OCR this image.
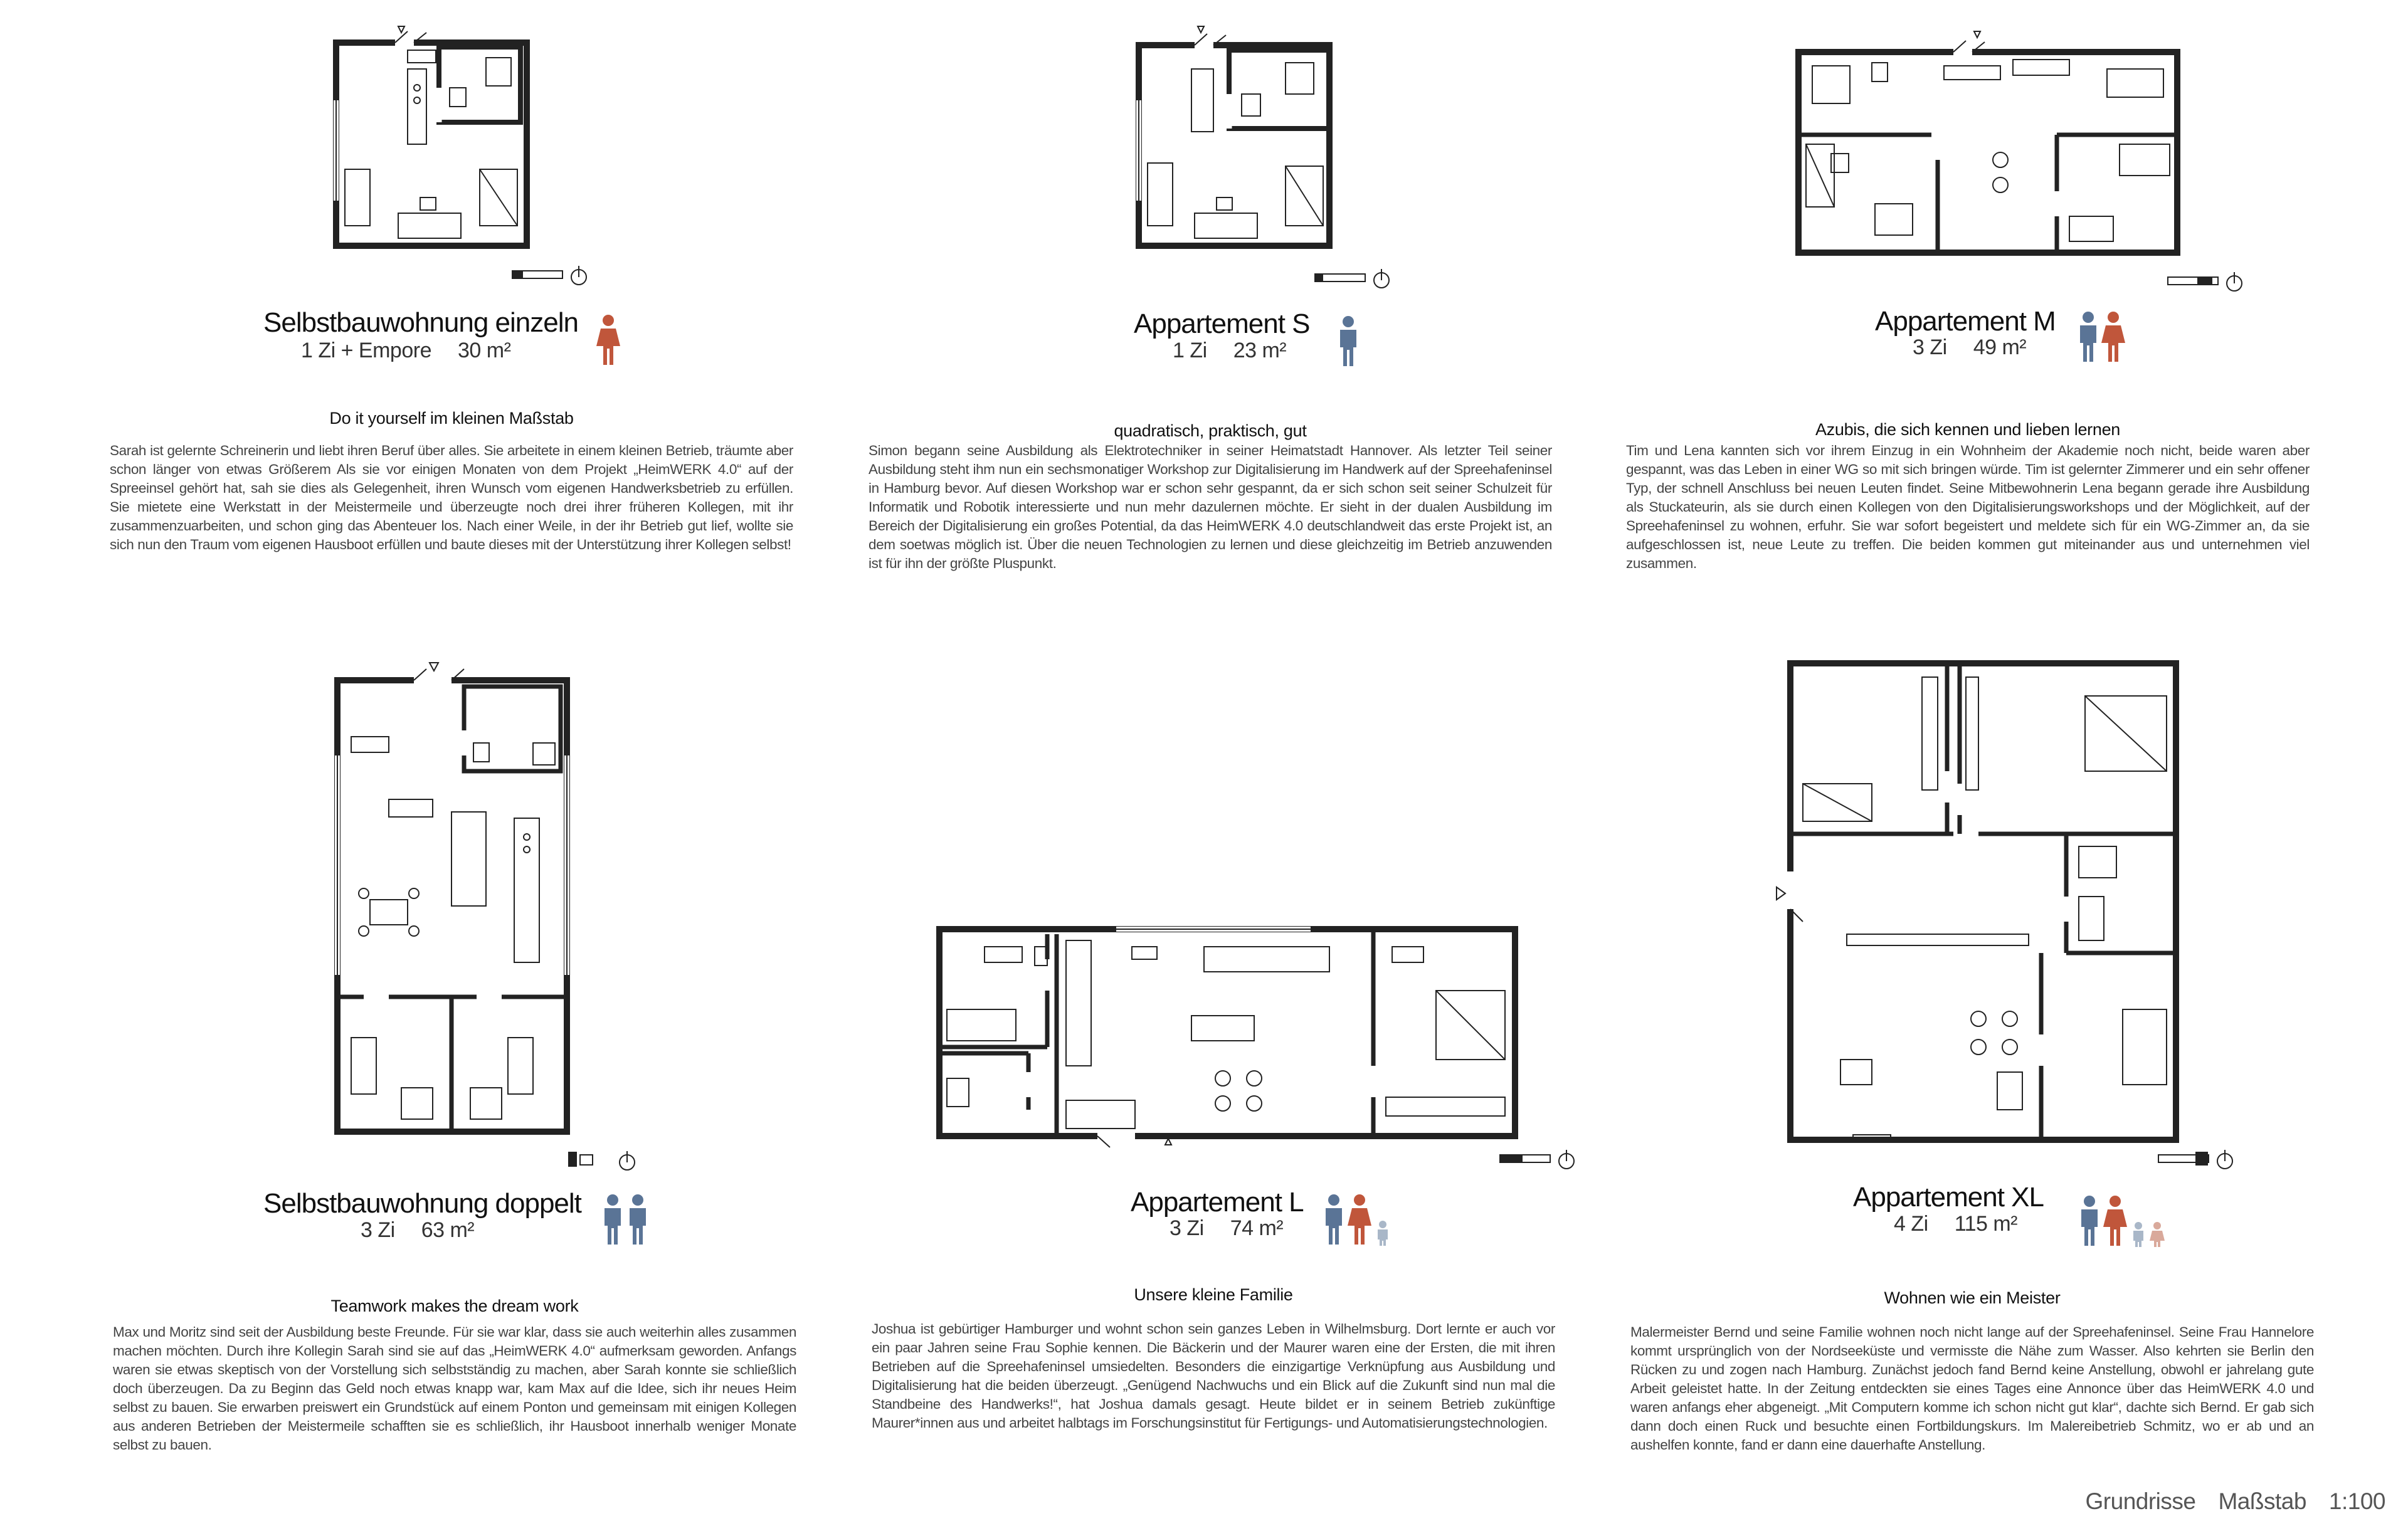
Selbstbauwohnung einzeln
1 Zi + Empore 30 m²
Do it yourself im kleinen Maßstab
Sarah ist gelernte Schreinerin und liebt ihren Beruf über alles. Sie arbeitete in einem kleinen Betrieb, träumte aber schon länger von etwas Größerem Als sie vor einigen Monaten von dem Projekt „HeimWERK 4.0“ auf der Spreeinsel gehört hat, sah sie dies als Gelegenheit, ihren Wunsch vom eigenen Handwerksbetrieb zu erfüllen. Sie mietete eine Werkstatt in der Meistermeile und überzeugte noch drei ihrer früheren Kollegen, mit ihr zusammenzuarbeiten, und schon ging das Abenteuer los. Nach einer Weile, in der ihr Betrieb gut lief, wollte sie sich nun den Traum vom eigenen Hausboot erfüllen und baute dieses mit der Unterstützung ihrer Kollegen selbst!
Appartement S
1 Zi 23 m²
quadratisch, praktisch, gut
Simon begann seine Ausbildung als Elektrotechniker in seiner Heimatstadt Hannover. Als letzter Teil seiner Ausbildung steht ihm nun ein sechsmonatiger Workshop zur Digitalisierung im Handwerk auf der Spreehafeninsel in Hamburg bevor. Auf diesen Workshop war er schon sehr gespannt, da er sich schon seit seiner Schulzeit für Informatik und Robotik interessierte und nun mehr dazulernen möchte. Er sieht in der dualen Ausbildung im Bereich der Digitalisierung ein großes Potential, da das HeimWERK 4.0 deutschlandweit das erste Projekt ist, an dem soetwas möglich ist. Über die neuen Technologien zu lernen und diese gleichzeitig im Betrieb anzuwenden ist für ihn der größte Pluspunkt.
Appartement M
3 Zi 49 m²
Azubis, die sich kennen und lieben lernen
Tim und Lena kannten sich vor ihrem Einzug in ein Wohnheim der Akademie noch nicht, beide waren aber gespannt, was das Leben in einer WG so mit sich bringen würde. Tim ist gelernter Zimmerer und ein sehr offener Typ, der schnell Anschluss bei neuen Leuten findet. Seine Mitbewohnerin Lena begann gerade ihre Ausbildung als Stuckateurin, als sie durch einen Kollegen von den Digitalisierungsworkshops und der Möglichkeit, auf der Spreehafeninsel zu wohnen, erfuhr. Sie war sofort begeistert und meldete sich für ein WG-Zimmer an, da sie aufgeschlossen ist, neue Leute zu treffen. Die beiden kommen gut miteinander aus und unternehmen viel zusammen.
Selbstbauwohnung doppelt
3 Zi 63 m²
Teamwork makes the dream work
Max und Moritz sind seit der Ausbildung beste Freunde. Für sie war klar, dass sie auch weiterhin alles zusammen machen möchten. Durch ihre Kollegin Sarah sind sie auf das „HeimWERK 4.0“ aufmerksam geworden. Anfangs waren sie etwas skeptisch von der Vorstellung sich selbstständig zu machen, aber Sarah konnte sie schließlich doch überzeugen. Da zu Beginn das Geld noch etwas knapp war, kam Max auf die Idee, sich ihr neues Heim selbst zu bauen. Sie erwarben preiswert ein Grundstück auf einem Ponton und gemeinsam mit einigen Kollegen aus anderen Betrieben der Meistermeile schafften sie es schließlich, ihr Hausboot innerhalb weniger Monate selbst zu bauen.
Appartement L
3 Zi 74 m²
Unsere kleine Familie
Joshua ist gebürtiger Hamburger und wohnt schon sein ganzes Leben in Wilhelmsburg. Dort lernte er auch vor ein paar Jahren seine Frau Sophie kennen. Die Bäckerin und der Maurer waren eine der Ersten, die mit ihren Betrieben auf die Spreehafeninsel umsiedelten. Besonders die einzigartige Verknüpfung aus Ausbildung und Digitalisierung hat die beiden überzeugt. „Genügend Nachwuchs und ein Blick auf die Zukunft sind nun mal die Standbeine des Handwerks!“, hat Joshua damals gesagt. Heute bildet er in seinem Betrieb zukünftige Maurer*innen aus und arbeitet halbtags im Forschungsinstitut für Fertigungs- und Automatisierungstechnologien.
Appartement XL
4 Zi 115 m²
Wohnen wie ein Meister
Malermeister Bernd und seine Familie wohnen noch nicht lange auf der Spreehafeninsel. Seine Frau Hannelore kommt ursprünglich von der Nordseeküste und vermisste die Nähe zum Wasser. Also kehrten sie Berlin den Rücken zu und zogen nach Hamburg. Zunächst jedoch fand Bernd keine Anstellung, obwohl er jahrelang gute Arbeit geleistet hatte. In der Zeitung entdeckten sie eines Tages eine Annonce über das HeimWERK 4.0 und waren anfangs eher abgeneigt. „Mit Computern komme ich schon nicht gut klar“, dachte sich Bernd. Er gab sich dann doch einen Ruck und besuchte einen Fortbildungskurs. Im Malereibetrieb Schmitz, wo er ab und an aushelfen konnte, fand er dann eine dauerhafte Anstellung.
Grundrisse Maßstab 1:100
